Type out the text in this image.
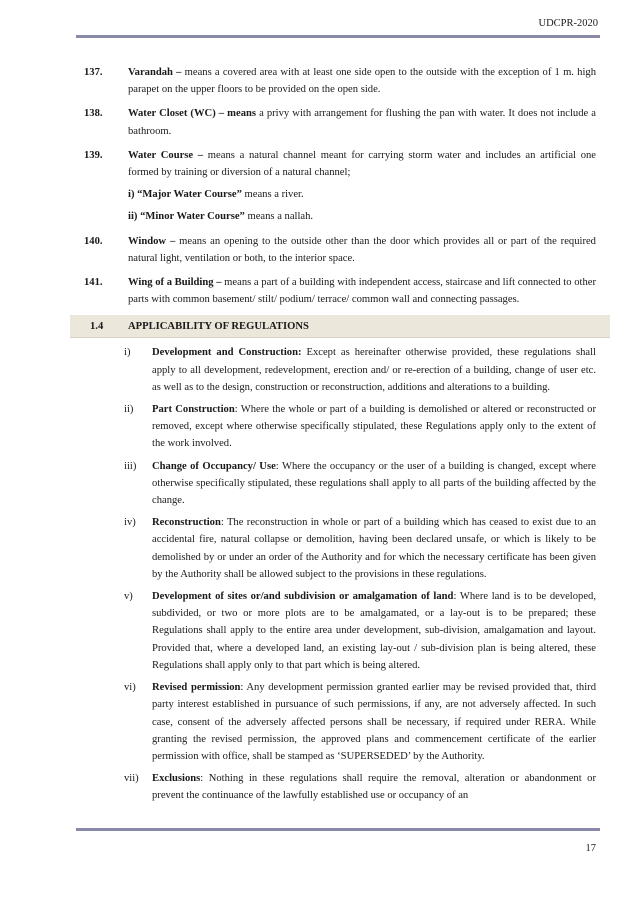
UDCPR-2020
137.	Varandah – means a covered area with at least one side open to the outside with the exception of 1 m. high parapet on the upper floors to be provided on the open side.
138.	Water Closet (WC) – means a privy with arrangement for flushing the pan with water. It does not include a bathroom.
139.	Water Course – means a natural channel meant for carrying storm water and includes an artificial one formed by training or diversion of a natural channel;
i) “Major Water Course” means a river.
ii) “Minor Water Course” means a nallah.
140.	Window – means an opening to the outside other than the door which provides all or part of the required natural light, ventilation or both, to the interior space.
141.	Wing of a Building – means a part of a building with independent access, staircase and lift connected to other parts with common basement/ stilt/ podium/ terrace/ common wall and connecting passages.
1.4	APPLICABILITY OF REGULATIONS
i)	Development and Construction: Except as hereinafter otherwise provided, these regulations shall apply to all development, redevelopment, erection and/ or re-erection of a building, change of user etc. as well as to the design, construction or reconstruction, additions and alterations to a building.
ii)	Part Construction: Where the whole or part of a building is demolished or altered or reconstructed or removed, except where otherwise specifically stipulated, these Regulations apply only to the extent of the work involved.
iii)	Change of Occupancy/ Use: Where the occupancy or the user of a building is changed, except where otherwise specifically stipulated, these regulations shall apply to all parts of the building affected by the change.
iv)	Reconstruction: The reconstruction in whole or part of a building which has ceased to exist due to an accidental fire, natural collapse or demolition, having been declared unsafe, or which is likely to be demolished by or under an order of the Authority and for which the necessary certificate has been given by the Authority shall be allowed subject to the provisions in these regulations.
v)	Development of sites or/and subdivision or amalgamation of land: Where land is to be developed, subdivided, or two or more plots are to be amalgamated, or a lay-out is to be prepared; these Regulations shall apply to the entire area under development, sub-division, amalgamation and layout. Provided that, where a developed land, an existing lay-out / sub-division plan is being altered, these Regulations shall apply only to that part which is being altered.
vi)	Revised permission: Any development permission granted earlier may be revised provided that, third party interest established in pursuance of such permissions, if any, are not adversely affected. In such case, consent of the adversely affected persons shall be necessary, if required under RERA. While granting the revised permission, the approved plans and commencement certificate of the earlier permission with office, shall be stamped as ‘SUPERSEDED’ by the Authority.
vii)	Exclusions: Nothing in these regulations shall require the removal, alteration or abandonment or prevent the continuance of the lawfully established use or occupancy of an
17
